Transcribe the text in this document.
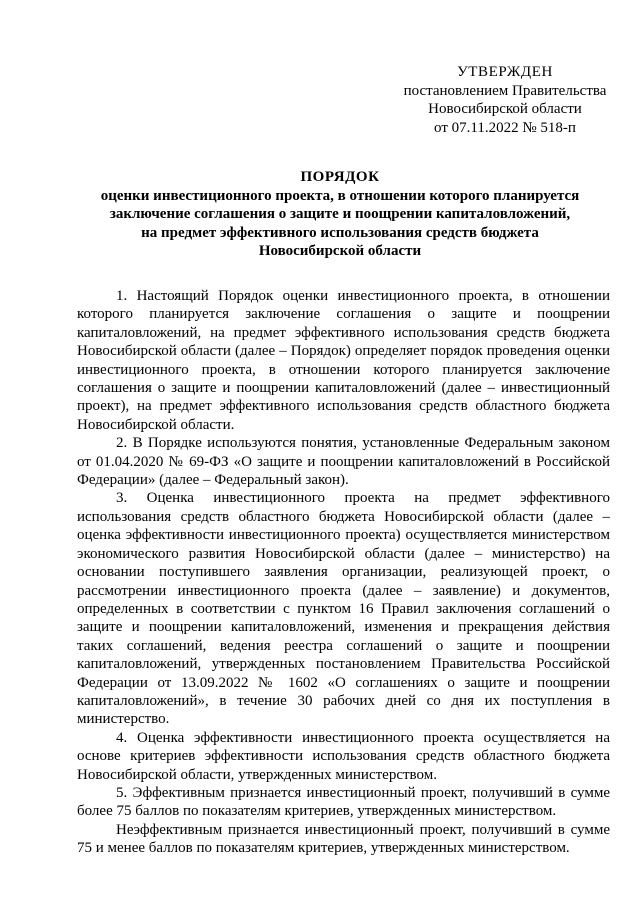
УТВЕРЖДЕН
постановлением Правительства
Новосибирской области
от 07.11.2022 № 518-п
ПОРЯДОК
оценки инвестиционного проекта, в отношении которого планируется
заключение соглашения о защите и поощрении капиталовложений,
на предмет эффективного использования средств бюджета
Новосибирской области

1. Настоящий Порядок оценки инвестиционного проекта, в отношении которого планируется заключение соглашения о защите и поощрении капиталовложений, на предмет эффективного использования средств бюджета Новосибирской области (далее – Порядок) определяет порядок проведения оценки инвестиционного проекта, в отношении которого планируется заключение соглашения о защите и поощрении капиталовложений (далее – инвестиционный проект), на предмет эффективного использования средств областного бюджета Новосибирской области.

2. В Порядке используются понятия, установленные Федеральным законом от 01.04.2020 № 69-ФЗ «О защите и поощрении капиталовложений в Российской Федерации» (далее – Федеральный закон).

3. Оценка инвестиционного проекта на предмет эффективного использования средств областного бюджета Новосибирской области (далее – оценка эффективности инвестиционного проекта) осуществляется министерством экономического развития Новосибирской области (далее – министерство) на основании поступившего заявления организации, реализующей проект, о рассмотрении инвестиционного проекта (далее – заявление) и документов, определенных в соответствии с пунктом 16 Правил заключения соглашений о защите и поощрении капиталовложений, изменения и прекращения действия таких соглашений, ведения реестра соглашений о защите и поощрении капиталовложений, утвержденных постановлением Правительства Российской Федерации от 13.09.2022 № 1602 «О соглашениях о защите и поощрении капиталовложений», в течение 30 рабочих дней со дня их поступления в министерство.

4. Оценка эффективности инвестиционного проекта осуществляется на основе критериев эффективности использования средств областного бюджета Новосибирской области, утвержденных министерством.

5. Эффективным признается инвестиционный проект, получивший в сумме более 75 баллов по показателям критериев, утвержденных министерством.

Неэффективным признается инвестиционный проект, получивший в сумме 75 и менее баллов по показателям критериев, утвержденных министерством.
